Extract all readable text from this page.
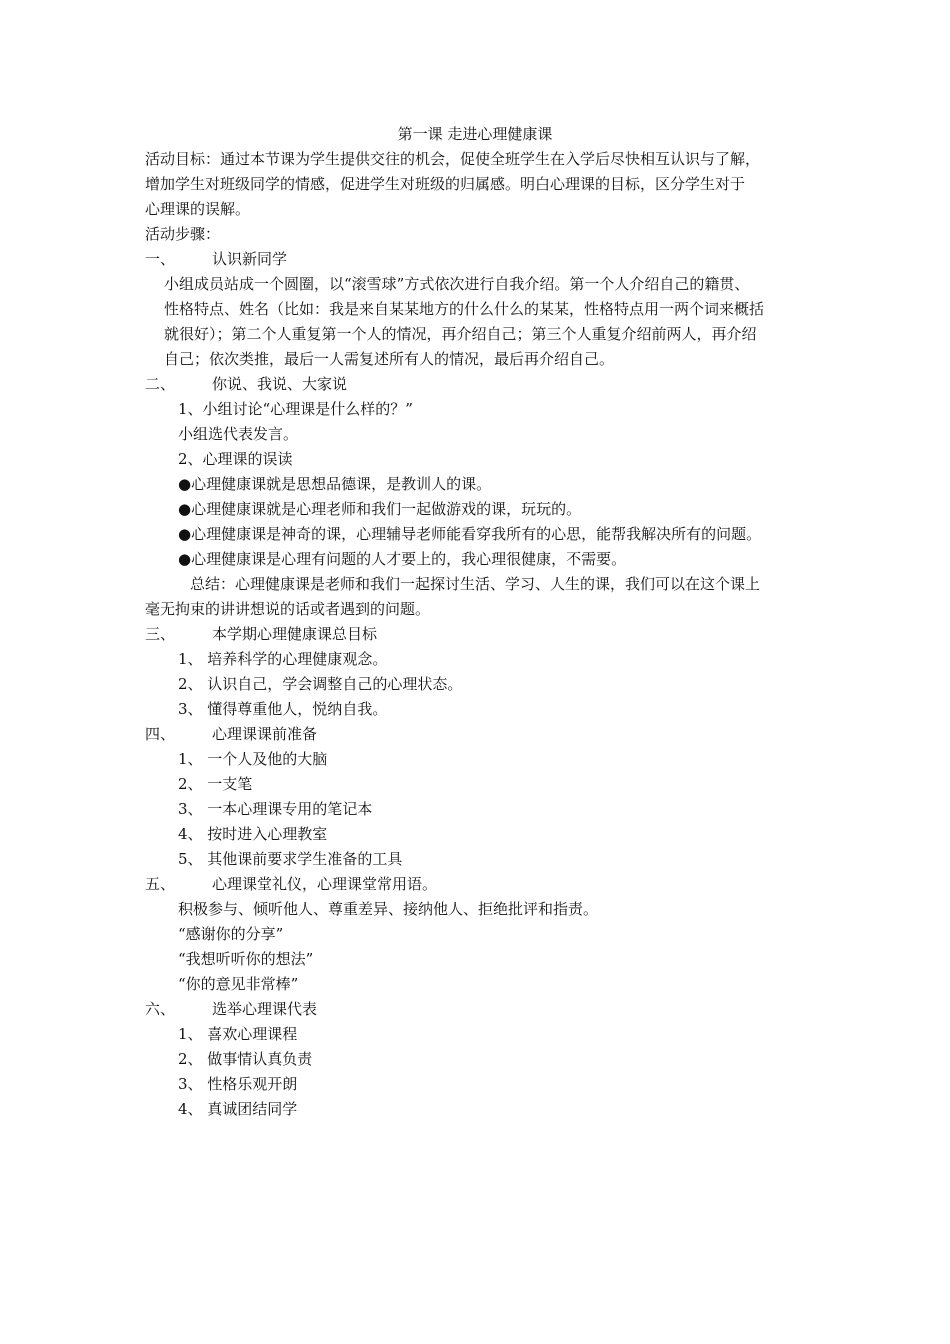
第一课 走进心理健康课
活动目标：通过本节课为学生提供交往的机会，促使全班学生在入学后尽快相互认识与了解，
增加学生对班级同学的情感，促进学生对班级的归属感。明白心理课的目标，区分学生对于
心理课的误解。
活动步骤：
一、 认识新同学
小组成员站成一个圆圈，以“滚雪球”方式依次进行自我介绍。第一个人介绍自己的籍贯、
性格特点、姓名（比如：我是来自某某地方的什么什么的某某，性格特点用一两个词来概括
就很好）；第二个人重复第一个人的情况，再介绍自己；第三个人重复介绍前两人，再介绍
自己；依次类推，最后一人需复述所有人的情况，最后再介绍自己。
二、 你说、我说、大家说
1、小组讨论“心理课是什么样的？”
小组选代表发言。
2、心理课的误读
●心理健康课就是思想品德课，是教训人的课。
●心理健康课就是心理老师和我们一起做游戏的课，玩玩的。
●心理健康课是神奇的课，心理辅导老师能看穿我所有的心思，能帮我解决所有的问题。
●心理健康课是心理有问题的人才要上的，我心理很健康，不需要。
总结：心理健康课是老师和我们一起探讨生活、学习、人生的课，我们可以在这个课上
毫无拘束的讲讲想说的话或者遇到的问题。
三、 本学期心理健康课总目标
1、 培养科学的心理健康观念。
2、 认识自己，学会调整自己的心理状态。
3、 懂得尊重他人，悦纳自我。
四、 心理课课前准备
1、 一个人及他的大脑
2、 一支笔
3、 一本心理课专用的笔记本
4、 按时进入心理教室
5、 其他课前要求学生准备的工具
五、 心理课堂礼仪，心理课堂常用语。
积极参与、倾听他人、尊重差异、接纳他人、拒绝批评和指责。
“感谢你的分享”
“我想听听你的想法”
“你的意见非常棒”
六、 选举心理课代表
1、 喜欢心理课程
2、 做事情认真负责
3、 性格乐观开朗
4、 真诚团结同学
